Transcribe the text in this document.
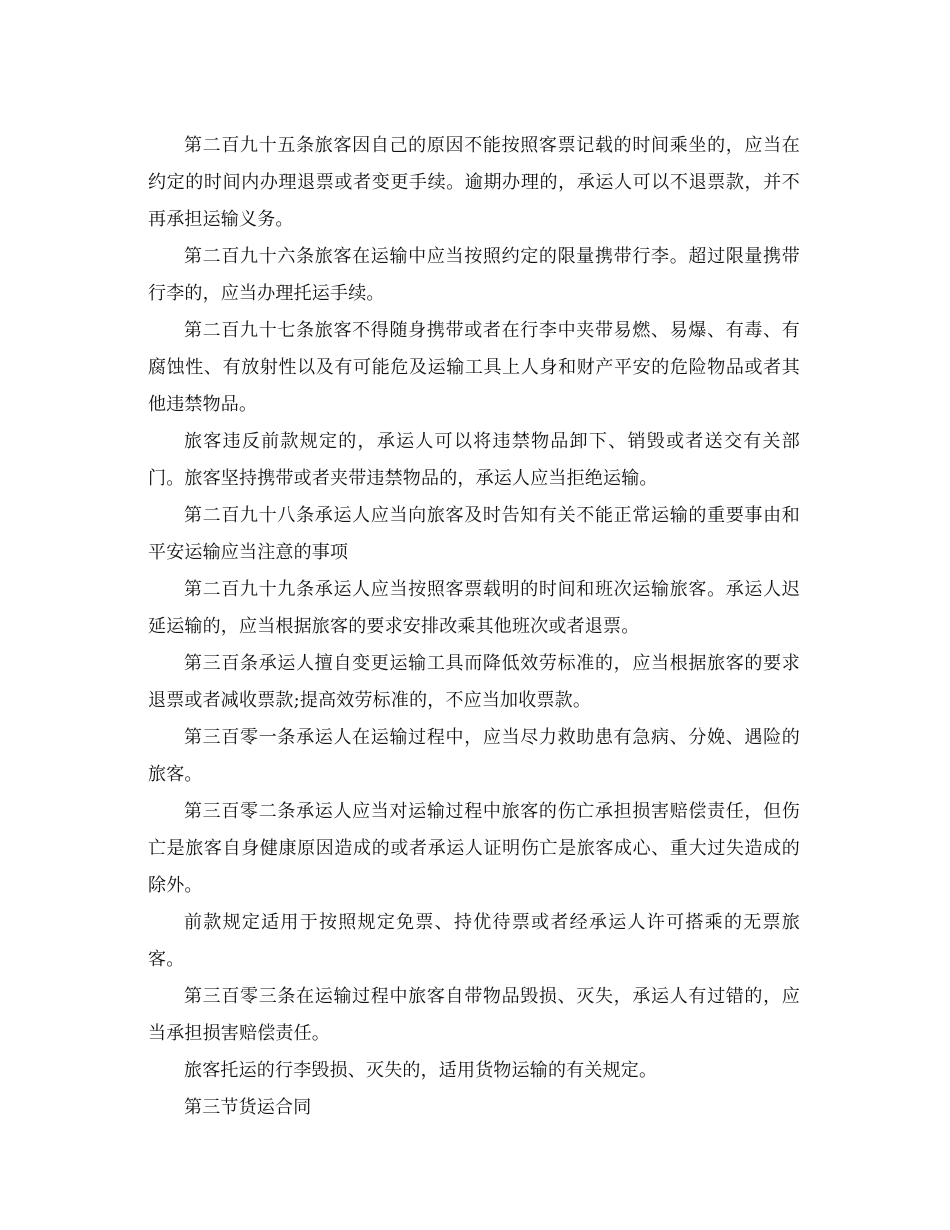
第二百九十五条旅客因自己的原因不能按照客票记载的时间乘坐的，应当在约定的时间内办理退票或者变更手续。逾期办理的，承运人可以不退票款，并不再承担运输义务。

第二百九十六条旅客在运输中应当按照约定的限量携带行李。超过限量携带行李的，应当办理托运手续。

第二百九十七条旅客不得随身携带或者在行李中夹带易燃、易爆、有毒、有腐蚀性、有放射性以及有可能危及运输工具上人身和财产平安的危险物品或者其他违禁物品。

旅客违反前款规定的，承运人可以将违禁物品卸下、销毁或者送交有关部门。旅客坚持携带或者夹带违禁物品的，承运人应当拒绝运输。

第二百九十八条承运人应当向旅客及时告知有关不能正常运输的重要事由和平安运输应当注意的事项

第二百九十九条承运人应当按照客票载明的时间和班次运输旅客。承运人迟延运输的，应当根据旅客的要求安排改乘其他班次或者退票。

第三百条承运人擅自变更运输工具而降低效劳标准的，应当根据旅客的要求退票或者减收票款;提高效劳标准的，不应当加收票款。

第三百零一条承运人在运输过程中，应当尽力救助患有急病、分娩、遇险的旅客。

第三百零二条承运人应当对运输过程中旅客的伤亡承担损害赔偿责任，但伤亡是旅客自身健康原因造成的或者承运人证明伤亡是旅客成心、重大过失造成的除外。

前款规定适用于按照规定免票、持优待票或者经承运人许可搭乘的无票旅客。

第三百零三条在运输过程中旅客自带物品毁损、灭失，承运人有过错的，应当承担损害赔偿责任。

旅客托运的行李毁损、灭失的，适用货物运输的有关规定。

第三节货运合同
